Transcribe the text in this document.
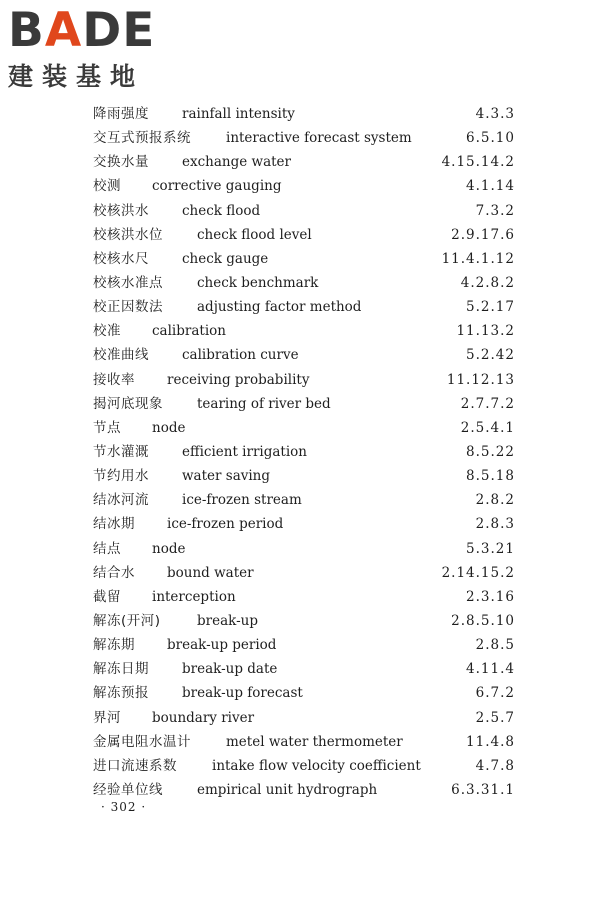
BADE
建装基地
降雨强度 rainfall intensity	4.3.3
交互式预报系统	interactive forecast system	6.5.10
交换水量 exchange water	4.15.14.2
校测 corrective gauging	4.1.14
校核洪水 check flood	7.3.2
校核洪水位	check flood level	2.9.17.6
校核水尺 check gauge	11.4.1.12
校核水准点	check benchmark	4.2.8.2
校正因数法	adjusting factor method	5.2.17
校准 calibration	11.13.2
校准曲线 calibration curve	5.2.42
接收率 receiving probability	11.12.13
揭河底现象	tearing of river bed	2.7.7.2
节点 node	2.5.4.1
节水灌溉 efficient irrigation	8.5.22
节约用水 water saving	8.5.18
结冰河流 ice-frozen stream	2.8.2
结冰期 ice-frozen period	2.8.3
结点 node	5.3.21
结合水 bound water	2.14.15.2
截留 interception	2.3.16
解冻(开河)	break-up	2.8.5.10
解冻期 break-up period	2.8.5
解冻日期 break-up date	4.11.4
解冻预报 break-up forecast	6.7.2
界河 boundary river	2.5.7
金属电阻水温计	metel water thermometer	11.4.8
进口流速系数	intake flow velocity coefficient	4.7.8
经验单位线	empirical unit hydrograph	6.3.31.1
· 302 ·
